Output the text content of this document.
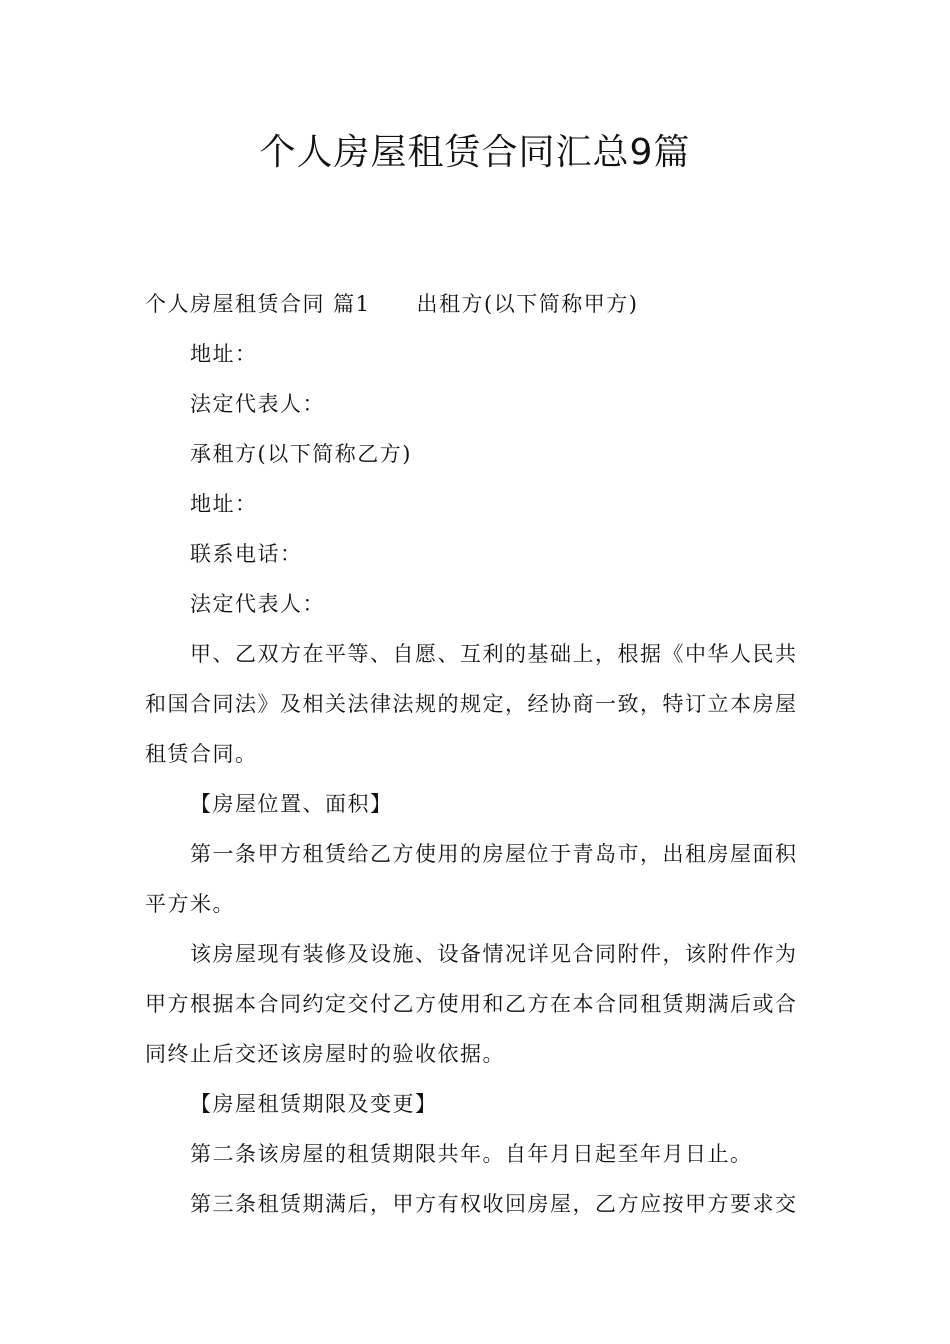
个人房屋租赁合同汇总9篇

个人房屋租赁合同 篇1 出租方(以下简称甲方)

地址：

法定代表人：

承租方(以下简称乙方)

地址：

联系电话：

法定代表人：

甲、乙双方在平等、自愿、互利的基础上，根据《中华人民共和国合同法》及相关法律法规的规定，经协商一致，特订立本房屋租赁合同。

【房屋位置、面积】

第一条甲方租赁给乙方使用的房屋位于青岛市，出租房屋面积平方米。

该房屋现有装修及设施、设备情况详见合同附件，该附件作为甲方根据本合同约定交付乙方使用和乙方在本合同租赁期满后或合同终止后交还该房屋时的验收依据。

【房屋租赁期限及变更】

第二条该房屋的租赁期限共年。自年月日起至年月日止。

第三条租赁期满后，甲方有权收回房屋，乙方应按甲方要求交
